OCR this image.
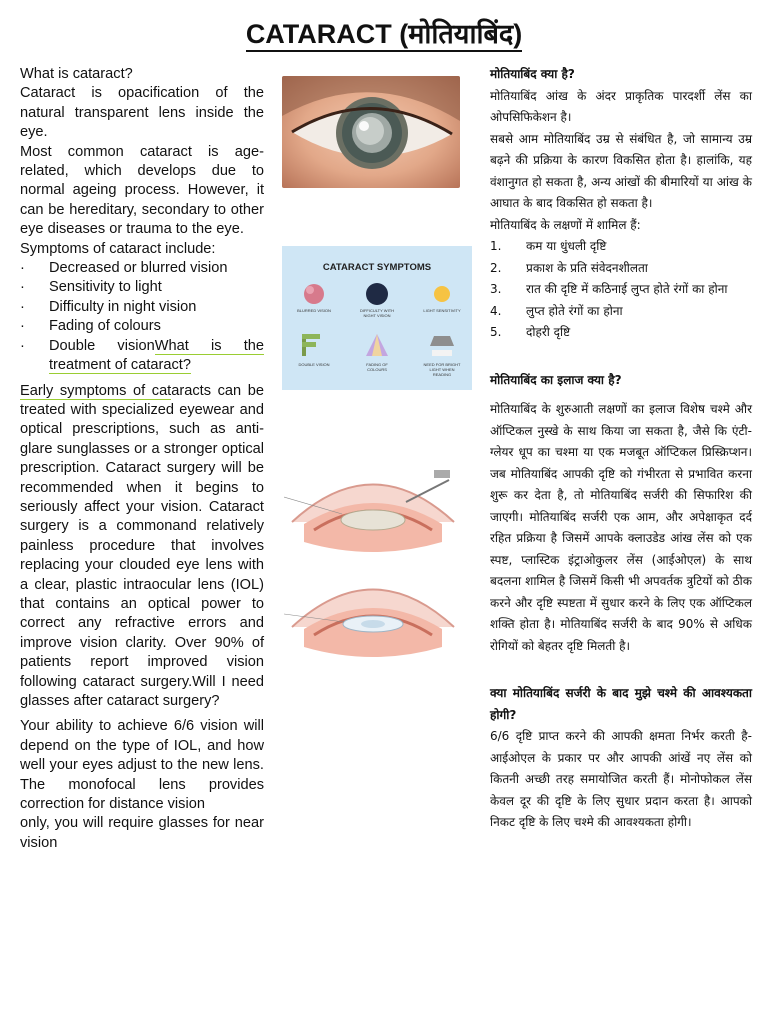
CATARACT (मोतियाबिंद)

What is cataract?

Cataract is opacification of the natural transparent lens inside the eye.

Most common cataract is age-related, which develops due to normal ageing process. However, it can be hereditary, secondary to other eye diseases or trauma to the eye.

Symptoms of cataract include:

· Decreased or blurred vision
· Sensitivity to light
· Difficulty in night vision
· Fading of colours
· Double visionWhat is the treatment of cataract?

Early symptoms of cataracts can be treated with specialized eyewear and optical prescriptions, such as anti-glare sunglasses or a stronger optical prescription. Cataract surgery will be recommended when it begins to seriously affect your vision. Cataract surgery is a commonand relatively painless procedure that involves replacing your clouded eye lens with a clear, plastic intraocular lens (IOL) that contains an optical power to correct any refractive errors and improve vision clarity. Over 90% of patients report improved vision following cataract surgery.Will I need glasses after cataract surgery?

Your ability to achieve 6/6 vision will depend on the type of IOL, and how well your eyes adjust to the new lens. The monofocal lens provides correction for distance vision

only, you will require glasses for near vision

CATARACT SYMPTOMS
BLURRED VISION	DIFFICULTY WITH NIGHT VISION
LIGHT SENSITIVITY
DOUBLE VISION	FADING OF COLOURS
NEED FOR BRIGHT LIGHT WHEN READING

मोतियाबिंद क्या है?

मोतियाबिंद आंख के अंदर प्राकृतिक पारदर्शी लेंस का ओपसिफिकेशन है।

सबसे आम मोतियाबिंद उम्र से संबंधित है, जो सामान्य उम्र बढ़ने की प्रक्रिया के कारण विकसित होता है। हालांकि, यह वंशानुगत हो सकता है, अन्य आंखों की बीमारियों या आंख के आघात के बाद विकसित हो सकता है।

मोतियाबिंद के लक्षणों में शामिल हैं:

1. कम या धुंधली दृष्टि
2. प्रकाश के प्रति संवेदनशीलता
3. रात की दृष्टि में कठिनाई लुप्त होते रंगों का होना
4. लुप्त होते रंगों का होना
5. दोहरी दृष्टि

मोतियाबिंद का इलाज क्या है?

मोतियाबिंद के शुरुआती लक्षणों का इलाज विशेष चश्मे और ऑप्टिकल नुस्खे के साथ किया जा सकता है, जैसे कि एंटी-ग्लेयर धूप का चश्मा या एक मजबूत ऑप्टिकल प्रिस्क्रिप्शन। जब मोतियाबिंद आपकी दृष्टि को गंभीरता से प्रभावित करना शुरू कर देता है, तो मोतियाबिंद सर्जरी की सिफारिश की जाएगी। मोतियाबिंद सर्जरी एक आम, और अपेक्षाकृत दर्द रहित प्रक्रिया है जिसमें आपके क्लाउडेड आंख लेंस को एक स्पष्ट, प्लास्टिक इंट्राओकुलर लेंस (आईओएल) के साथ बदलना शामिल है जिसमें किसी भी अपवर्तक त्रुटियों को ठीक करने और दृष्टि स्पष्टता में सुधार करने के लिए एक ऑप्टिकल शक्ति होता है। मोतियाबिंद सर्जरी के बाद 90% से अधिक रोगियों को बेहतर दृष्टि मिलती है।

क्या मोतियाबिंद सर्जरी के बाद मुझे चश्मे की आवश्यकता होगी?

6/6 दृष्टि प्राप्त करने की आपकी क्षमता निर्भर करती है- आईओएल के प्रकार पर और आपकी आंखें नए लेंस को कितनी अच्छी तरह समायोजित करती हैं। मोनोफोकल लेंस केवल दूर की दृष्टि के लिए सुधार प्रदान करता है। आपको निकट दृष्टि के लिए चश्मे की आवश्यकता होगी।
